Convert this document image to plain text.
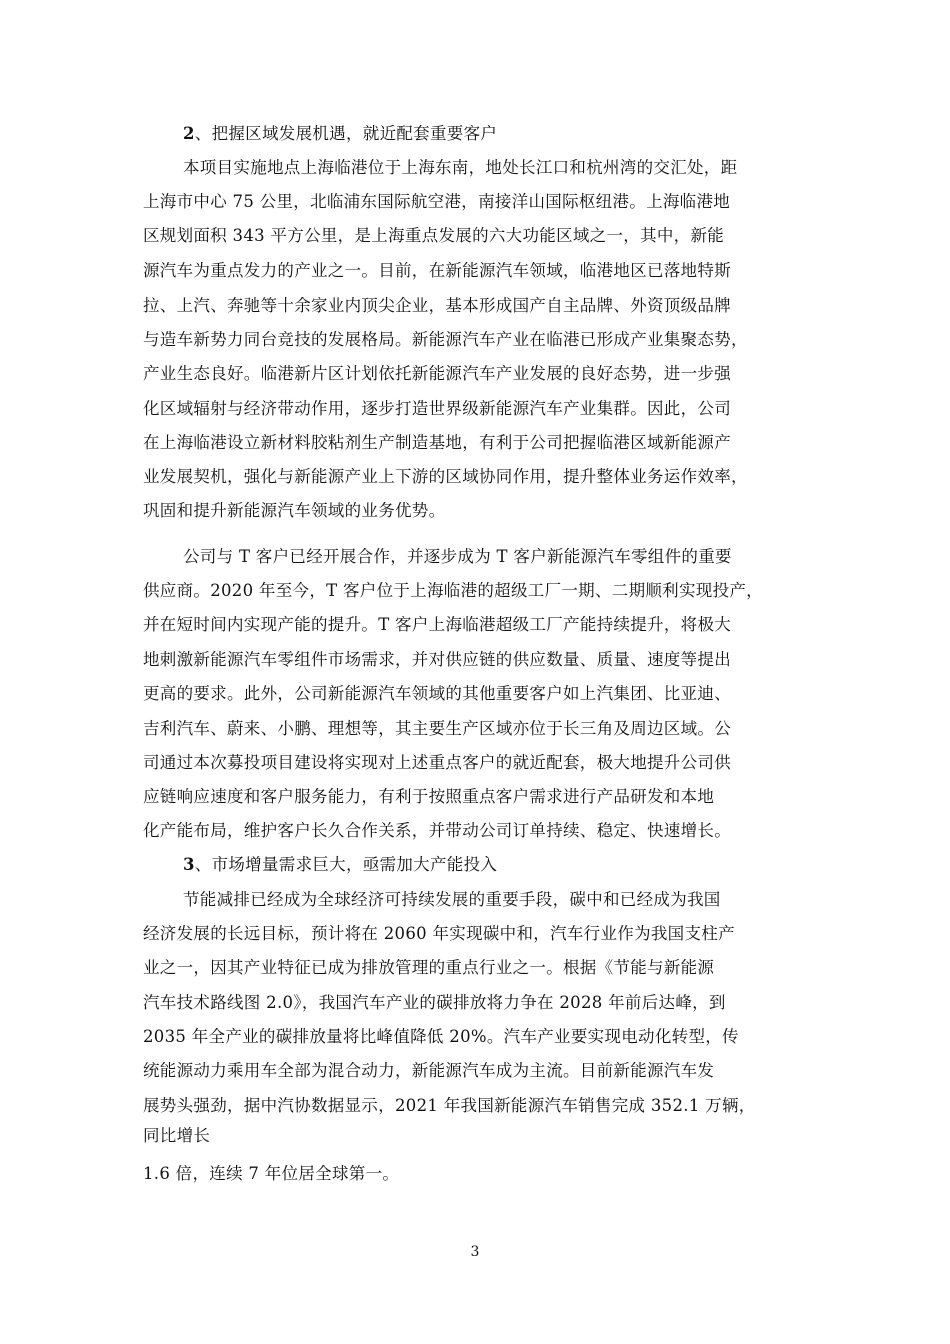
2、把握区域发展机遇，就近配套重要客户
本项目实施地点上海临港位于上海东南，地处长江口和杭州湾的交汇处，距
上海市中心 75 公里，北临浦东国际航空港，南接洋山国际枢纽港。上海临港地
区规划面积 343 平方公里，是上海重点发展的六大功能区域之一，其中，新能
源汽车为重点发力的产业之一。目前，在新能源汽车领域，临港地区已落地特斯
拉、上汽、奔驰等十余家业内顶尖企业，基本形成国产自主品牌、外资顶级品牌
与造车新势力同台竞技的发展格局。新能源汽车产业在临港已形成产业集聚态势，
产业生态良好。临港新片区计划依托新能源汽车产业发展的良好态势，进一步强
化区域辐射与经济带动作用，逐步打造世界级新能源汽车产业集群。因此，公司
在上海临港设立新材料胶粘剂生产制造基地，有利于公司把握临港区域新能源产
业发展契机，强化与新能源产业上下游的区域协同作用，提升整体业务运作效率，
巩固和提升新能源汽车领域的业务优势。
公司与 T 客户已经开展合作，并逐步成为 T 客户新能源汽车零组件的重要
供应商。2020 年至今，T 客户位于上海临港的超级工厂一期、二期顺利实现投产，
并在短时间内实现产能的提升。T 客户上海临港超级工厂产能持续提升，将极大
地刺激新能源汽车零组件市场需求，并对供应链的供应数量、质量、速度等提出
更高的要求。此外，公司新能源汽车领域的其他重要客户如上汽集团、比亚迪、
吉利汽车、蔚来、小鹏、理想等，其主要生产区域亦位于长三角及周边区域。公
司通过本次募投项目建设将实现对上述重点客户的就近配套，极大地提升公司供
应链响应速度和客户服务能力，有利于按照重点客户需求进行产品研发和本地
化产能布局，维护客户长久合作关系，并带动公司订单持续、稳定、快速增长。
3、市场增量需求巨大，亟需加大产能投入
节能减排已经成为全球经济可持续发展的重要手段，碳中和已经成为我国
经济发展的长远目标，预计将在 2060 年实现碳中和，汽车行业作为我国支柱产
业之一，因其产业特征已成为排放管理的重点行业之一。根据《节能与新能源
汽车技术路线图 2.0》，我国汽车产业的碳排放将力争在 2028 年前后达峰，到
2035 年全产业的碳排放量将比峰值降低 20%。汽车产业要实现电动化转型，传
统能源动力乘用车全部为混合动力，新能源汽车成为主流。目前新能源汽车发
展势头强劲，据中汽协数据显示，2021 年我国新能源汽车销售完成 352.1 万辆，
同比增长
1.6 倍，连续 7 年位居全球第一。
3
